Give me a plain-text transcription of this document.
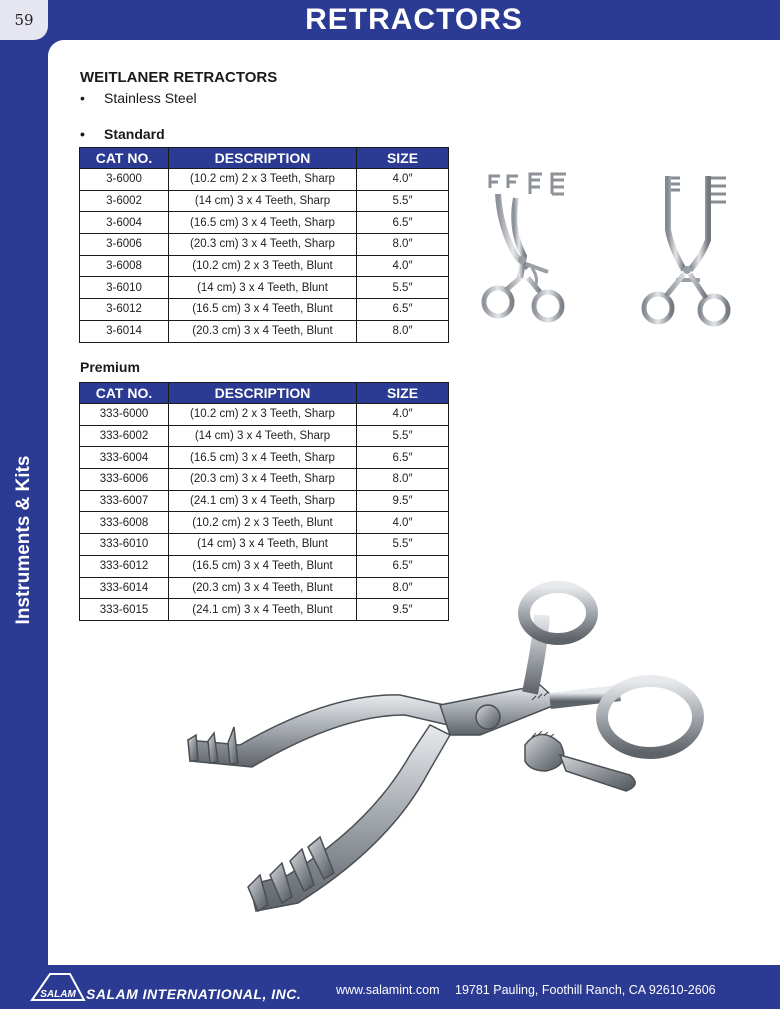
59	RETRACTORS
Instruments & Kits
WEITLANER RETRACTORS
• Stainless Steel
• Standard
CAT NO.	DESCRIPTION	SIZE
3-6000	(10.2 cm) 2 x 3 Teeth, Sharp	4.0″
3-6002	(14 cm) 3 x 4 Teeth, Sharp	5.5″
3-6004	(16.5 cm) 3 x 4 Teeth, Sharp	6.5″
3-6006	(20.3 cm) 3 x 4 Teeth, Sharp	8.0″
3-6008	(10.2 cm) 2 x 3 Teeth, Blunt	4.0″
3-6010	(14 cm) 3 x 4 Teeth, Blunt	5.5″
3-6012	(16.5 cm) 3 x 4 Teeth, Blunt	6.5″
3-6014	(20.3 cm) 3 x 4 Teeth, Blunt	8.0″
Premium
CAT NO.	DESCRIPTION	SIZE
333-6000	(10.2 cm) 2 x 3 Teeth, Sharp	4.0″
333-6002	(14 cm) 3 x 4 Teeth, Sharp	5.5″
333-6004	(16.5 cm) 3 x 4 Teeth, Sharp	6.5″
333-6006	(20.3 cm) 3 x 4 Teeth, Sharp	8.0″
333-6007	(24.1 cm) 3 x 4 Teeth, Sharp	9.5″
333-6008	(10.2 cm) 2 x 3 Teeth, Blunt	4.0″
333-6010	(14 cm) 3 x 4 Teeth, Blunt	5.5″
333-6012	(16.5 cm) 3 x 4 Teeth, Blunt	6.5″
333-6014	(20.3 cm) 3 x 4 Teeth, Blunt	8.0″
333-6015	(24.1 cm) 3 x 4 Teeth, Blunt	9.5″
SALAM SALAM INTERNATIONAL, INC.	www.salamint.com 19781 Pauling, Foothill Ranch, CA 92610-2606
